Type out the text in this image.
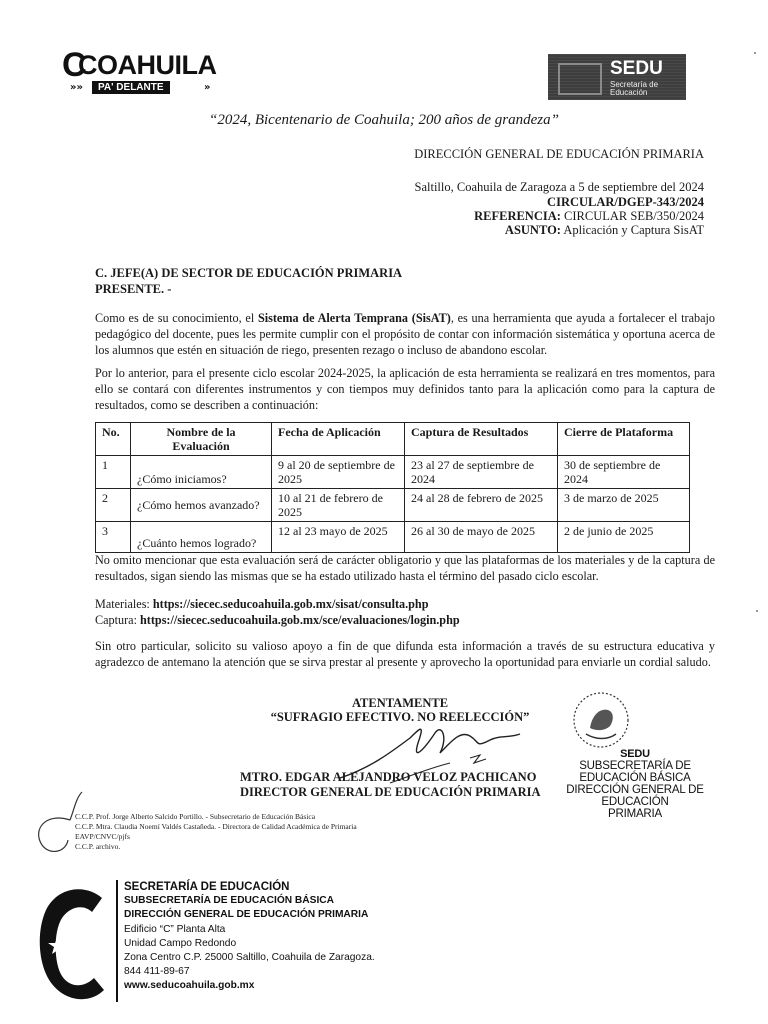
C
COAHUILA
»»	PA' DELANTE	»
SEDU
Secretaría de Educación
“2024, Bicentenario de Coahuila; 200 años de grandeza”
DIRECCIÓN GENERAL DE EDUCACIÓN PRIMARIA
Saltillo, Coahuila de Zaragoza a 5 de septiembre del 2024
CIRCULAR/DGEP-343/2024
REFERENCIA: CIRCULAR SEB/350/2024
ASUNTO: Aplicación y Captura SisAT
C. JEFE(A) DE SECTOR DE EDUCACIÓN PRIMARIA
PRESENTE. -
Como es de su conocimiento, el Sistema de Alerta Temprana (SisAT), es una herramienta que ayuda a fortalecer el trabajo pedagógico del docente, pues les permite cumplir con el propósito de contar con información sistemática y oportuna acerca de los alumnos que estén en situación de riego, presenten rezago o incluso de abandono escolar.
Por lo anterior, para el presente ciclo escolar 2024-2025, la aplicación de esta herramienta se realizará en tres momentos, para ello se contará con diferentes instrumentos y con tiempos muy definidos tanto para la aplicación como para la captura de resultados, como se describen a continuación:
No.	Nombre de la Evaluación	Fecha de Aplicación	Captura de Resultados	Cierre de Plataforma
1	¿Cómo iniciamos?	9 al 20 de septiembre de 2025	23 al 27 de septiembre de 2024	30 de septiembre de 2024
2	¿Cómo hemos avanzado?	10 al 21 de febrero de 2025	24 al 28 de febrero de 2025	3 de marzo de 2025
3	¿Cuánto hemos logrado?	12 al 23 mayo de 2025	26 al 30 de mayo de 2025	2 de junio de 2025
No omito mencionar que esta evaluación será de carácter obligatorio y que las plataformas de los materiales y de la captura de resultados, sigan siendo las mismas que se ha estado utilizado hasta el término del pasado ciclo escolar.
Materiales: https://siecec.seducoahuila.gob.mx/sisat/consulta.php
Captura: https://siecec.seducoahuila.gob.mx/sce/evaluaciones/login.php
Sin otro particular, solicito su valioso apoyo a fin de que difunda esta información a través de su estructura educativa y agradezco de antemano la atención que se sirva prestar al presente y aprovecho la oportunidad para enviarle un cordial saludo.
ATENTAMENTE
“SUFRAGIO EFECTIVO. NO REELECCIÓN”
MTRO. EDGAR ALEJANDRO VELOZ PACHICANO
DIRECTOR GENERAL DE EDUCACIÓN PRIMARIA
SEDU
SUBSECRETARÍA DE EDUCACIÓN BÁSICA
DIRECCIÓN GENERAL DE EDUCACIÓN
PRIMARIA
C.C.P. Prof. Jorge Alberto Salcido Portillo. - Subsecretario de Educación Básica
C.C.P. Mtra. Claudia Noemí Valdés Castañeda. - Directora de Calidad Académica de Primaria
EAVP/CNVC/pjfs
C.C.P. archivo.
SECRETARÍA DE EDUCACIÓN
SUBSECRETARÍA DE EDUCACIÓN BÁSICA
DIRECCIÓN GENERAL DE EDUCACIÓN PRIMARIA
Edificio “C” Planta Alta
Unidad Campo Redondo
Zona Centro C.P. 25000 Saltillo, Coahuila de Zaragoza.
844 411-89-67
www.seducoahuila.gob.mx
